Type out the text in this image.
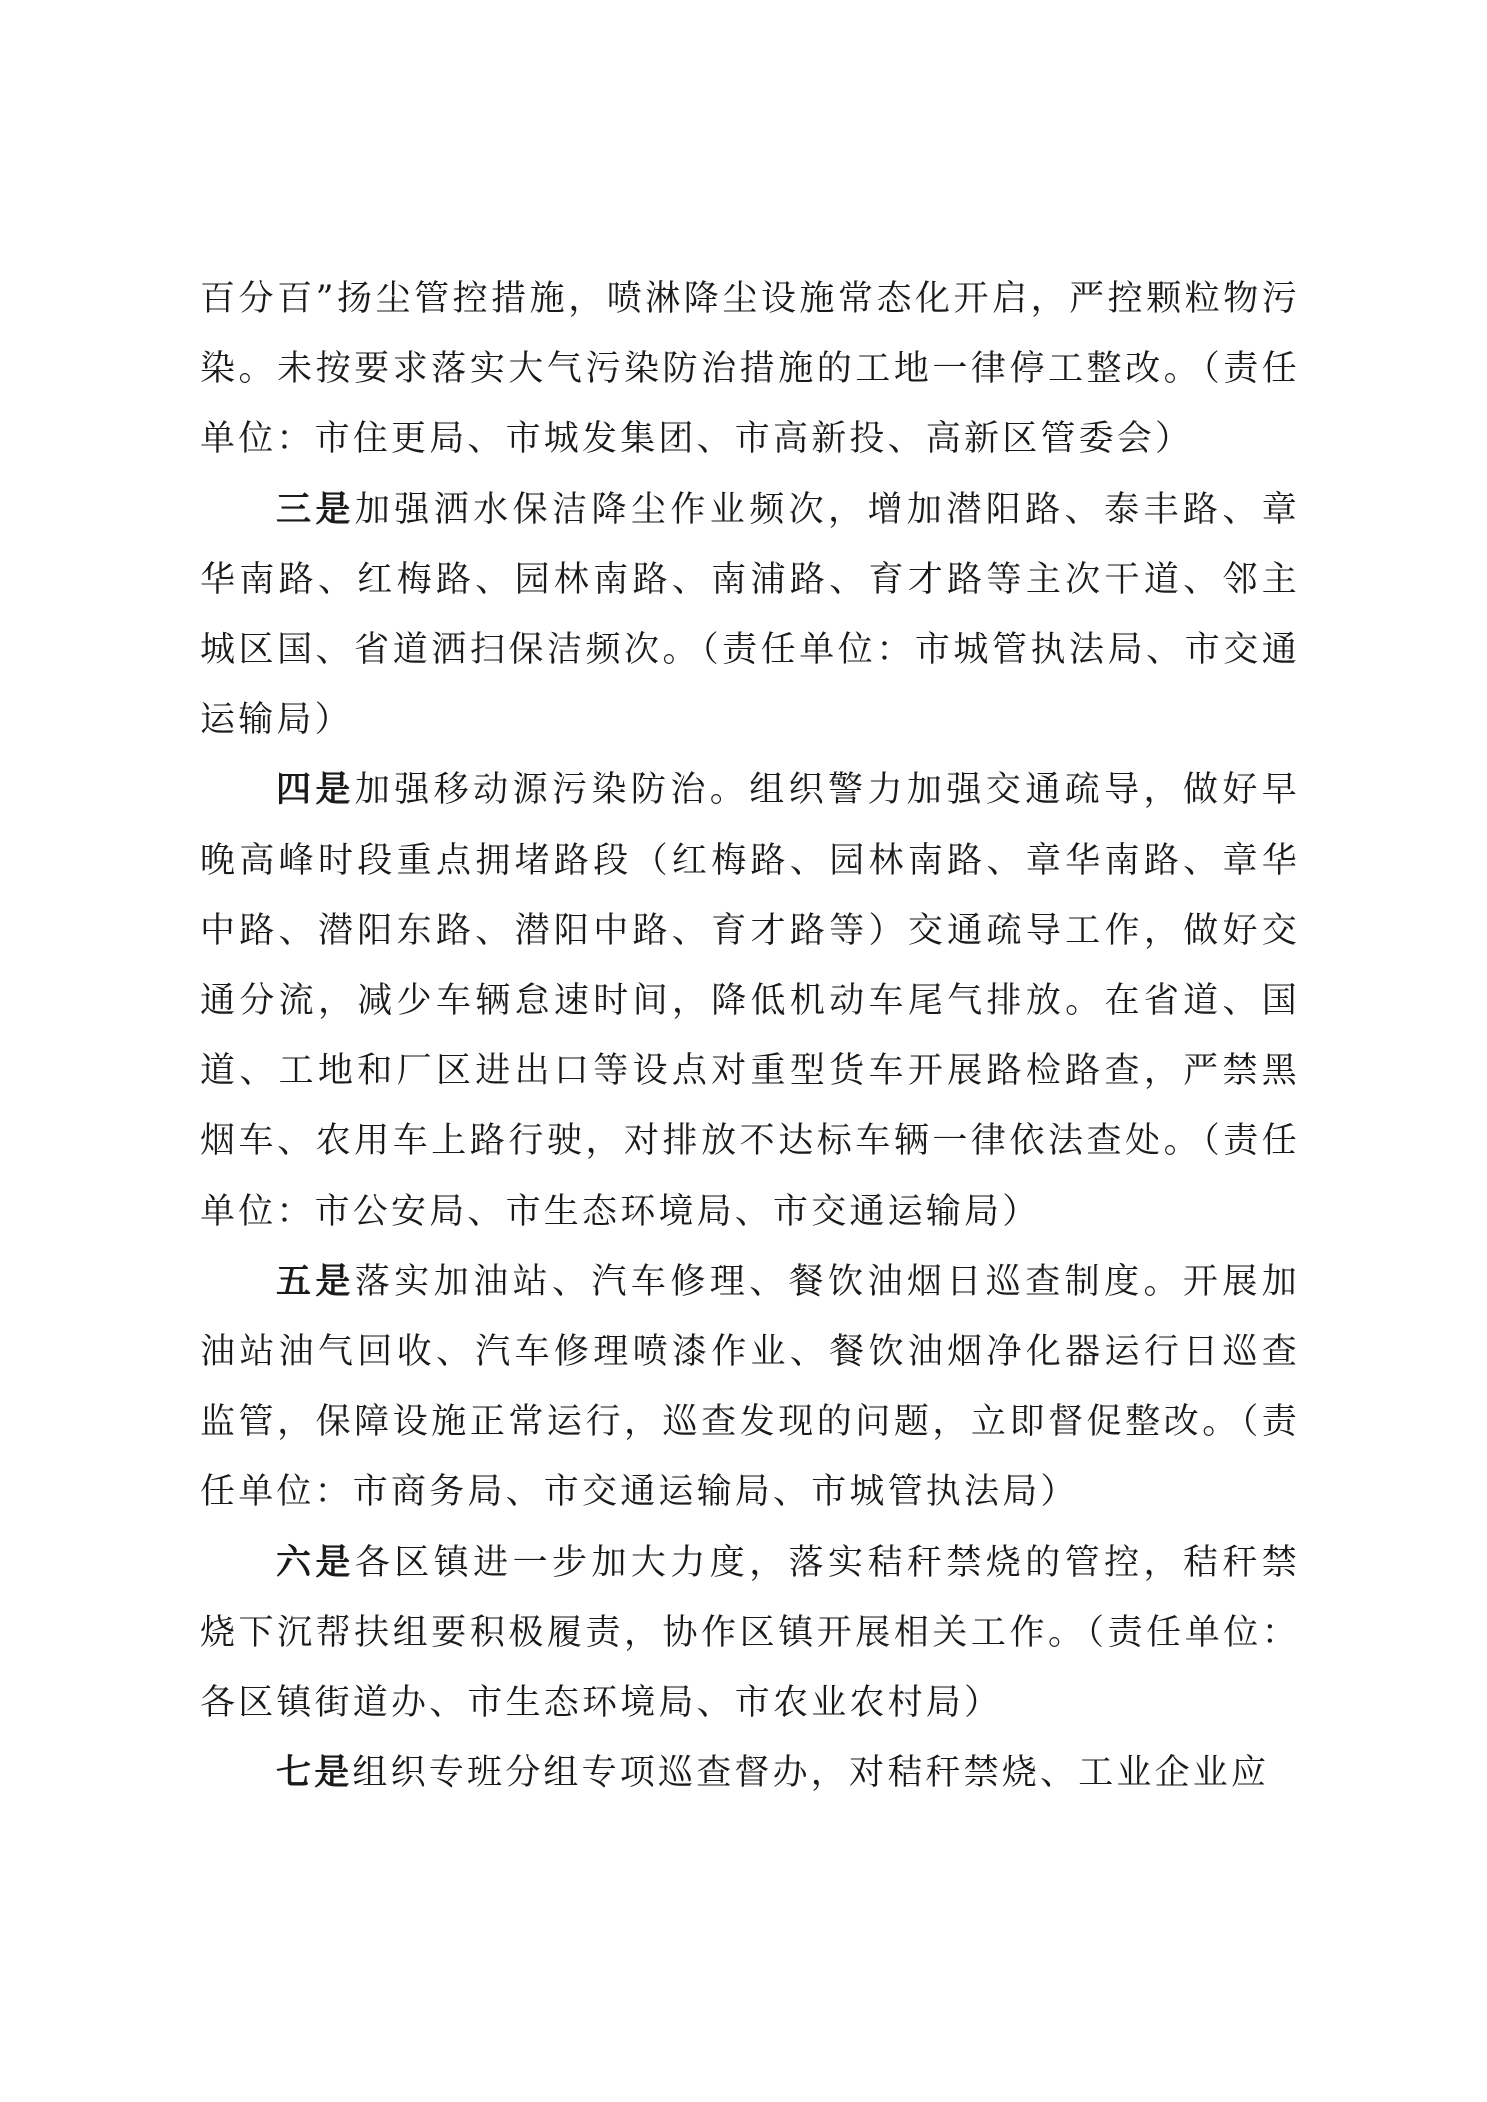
百分百”扬尘管控措施，喷淋降尘设施常态化开启，严控颗粒物污染。未按要求落实大气污染防治措施的工地一律停工整改。（责任单位：市住更局、市城发集团、市高新投、高新区管委会）

三是加强洒水保洁降尘作业频次，增加潜阳路、泰丰路、章华南路、红梅路、园林南路、南浦路、育才路等主次干道、邻主城区国、省道洒扫保洁频次。（责任单位：市城管执法局、市交通运输局）

四是加强移动源污染防治。组织警力加强交通疏导，做好早晚高峰时段重点拥堵路段（红梅路、园林南路、章华南路、章华中路、潜阳东路、潜阳中路、育才路等）交通疏导工作，做好交通分流，减少车辆怠速时间，降低机动车尾气排放。在省道、国道、工地和厂区进出口等设点对重型货车开展路检路查，严禁黑烟车、农用车上路行驶，对排放不达标车辆一律依法查处。（责任单位：市公安局、市生态环境局、市交通运输局）

五是落实加油站、汽车修理、餐饮油烟日巡查制度。开展加油站油气回收、汽车修理喷漆作业、餐饮油烟净化器运行日巡查监管，保障设施正常运行，巡查发现的问题，立即督促整改。（责任单位：市商务局、市交通运输局、市城管执法局）

六是各区镇进一步加大力度，落实秸秆禁烧的管控，秸秆禁烧下沉帮扶组要积极履责，协作区镇开展相关工作。（责任单位：各区镇街道办、市生态环境局、市农业农村局）

七是组织专班分组专项巡查督办，对秸秆禁烧、工业企业应
